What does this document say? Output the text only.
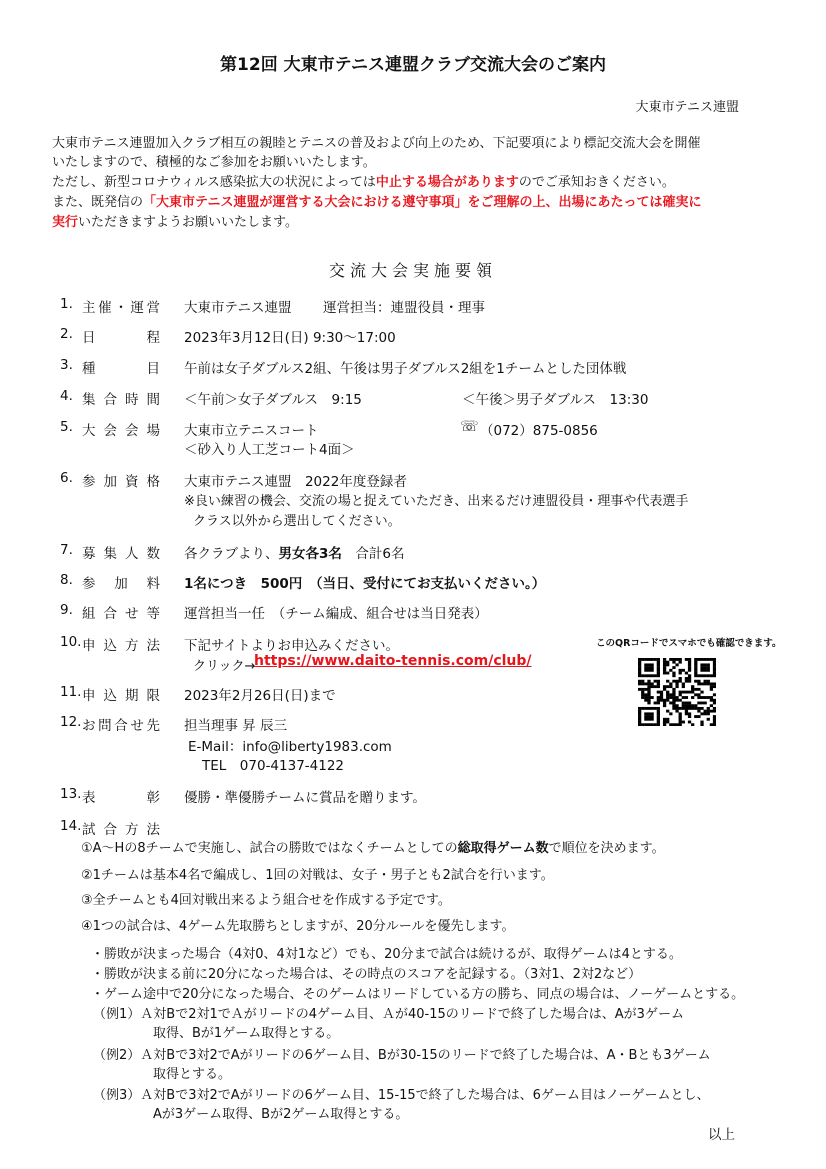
第12回 大東市テニス連盟クラブ交流大会のご案内
大東市テニス連盟
大東市テニス連盟加入クラブ相互の親睦とテニスの普及および向上のため、下記要項により標記交流大会を開催
いたしますので、積極的なご参加をお願いいたします。
ただし、新型コロナウィルス感染拡大の状況によっては中止する場合がありますのでご承知おきください。
また、既発信の「大東市テニス連盟が運営する大会における遵守事項」をご理解の上、出場にあたっては確実に
実行いただきますようお願いいたします。
交流大会実施要領
1. 主 催 ・ 運 営 大東市テニス連盟 運営担当：連盟役員・理事
2. 日	程 2023年3月12日(日) 9:30～17:00
3. 種	目 午前は女子ダブルス2組、午後は男子ダブルス2組を1チームとした団体戦
4. 集 合 時 間 ＜午前＞女子ダブルス　9:15	＜午後＞男子ダブルス　13:30
5. 大 会 会 場 大東市立テニスコート	☏ （072）875-0856
＜砂入り人工芝コート4面＞
6. 参 加 資 格 大東市テニス連盟　2022年度登録者
※良い練習の機会、交流の場と捉えていただき、出来るだけ連盟役員・理事や代表選手
クラス以外から選出してください。
7. 募 集 人 数 各クラブより、男女各3名　合計6名
8. 参 加 料 1名につき　500円　（当日、受付にてお支払いください。）
9. 組 合 せ 等 運営担当一任　（チーム編成、組合せは当日発表）
10. 申 込 方 法 下記サイトよりお申込みください。
クリック→
https://www.daito-tennis.com/club/
このQRコードでスマホでも確認できます。
11. 申 込 期 限 2023年2月26日(日)まで
12. お 問 合 せ 先 担当理事 昇 辰三
E-Mail：info@liberty1983.com
TEL　070-4137-4122
13. 表	彰 優勝・準優勝チームに賞品を贈ります。
14. 試 合 方 法
①A～Hの8チームで実施し、試合の勝敗ではなくチームとしての総取得ゲーム数で順位を決めます。
②1チームは基本4名で編成し、1回の対戦は、女子・男子とも2試合を行います。
③全チームとも4回対戦出来るよう組合せを作成する予定です。
④1つの試合は、4ゲーム先取勝ちとしますが、20分ルールを優先します。
・勝敗が決まった場合（4対0、4対1など）でも、20分まで試合は続けるが、取得ゲームは4とする。
・勝敗が決まる前に20分になった場合は、その時点のスコアを記録する。（3対1、2対2など）
・ゲーム途中で20分になった場合、そのゲームはリードしている方の勝ち、同点の場合は、ノーゲームとする。
（例1）Ａ対Bで2対1でＡがリードの4ゲーム目、Ａが40-15のリードで終了した場合は、Aが3ゲーム
取得、Bが1ゲーム取得とする。
（例2）Ａ対Bで3対2でAがリードの6ゲーム目、Bが30-15のリードで終了した場合は、A・Bとも3ゲーム
取得とする。
（例3）Ａ対Bで3対2でAがリードの6ゲーム目、15-15で終了した場合は、6ゲーム目はノーゲームとし、
Aが3ゲーム取得、Bが2ゲーム取得とする。
以上
